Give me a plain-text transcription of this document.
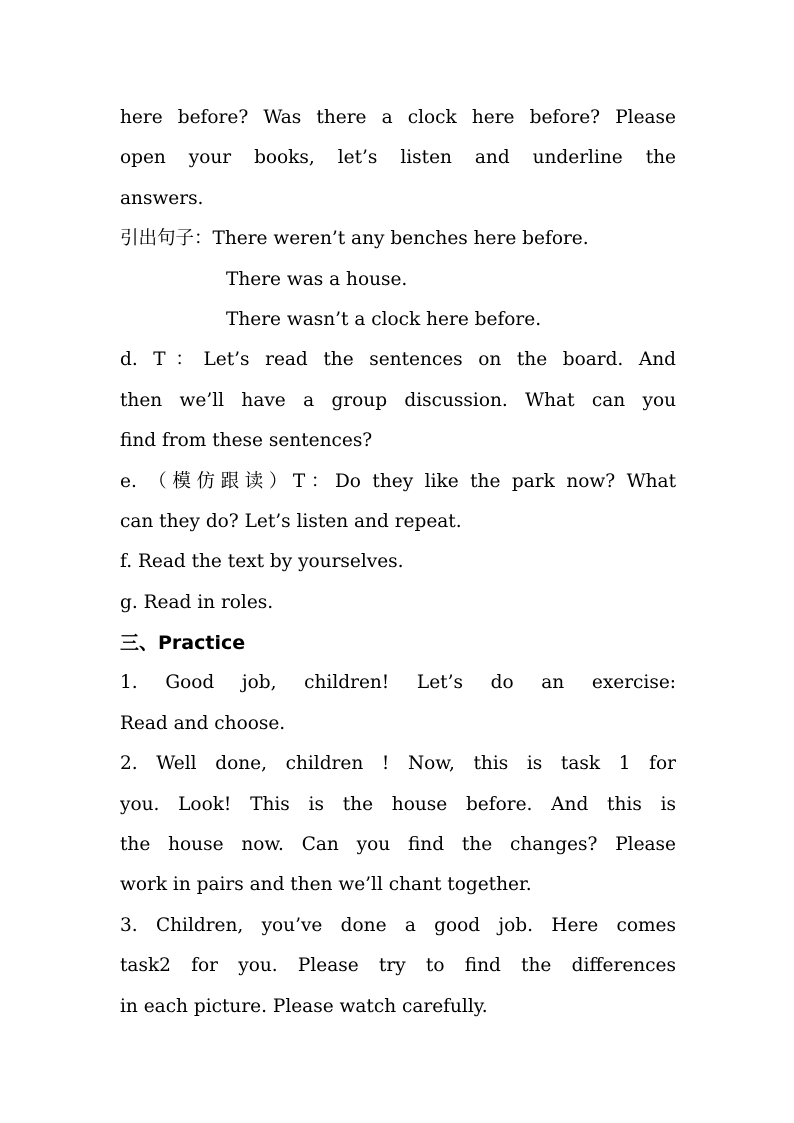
here before? Was there a clock here before? Please
open your books, let’s listen and underline the
answers.
引出句子：There weren’t any benches here before.
There was a house.
There wasn’t a clock here before.
d. T：Let’s read the sentences on the board. And
then we’ll have a group discussion. What can you
find from these sentences?
e. （模仿跟读）T：Do they like the park now? What
can they do? Let’s listen and repeat.
f. Read the text by yourselves.
g. Read in roles.
三、Practice
1. Good job, children! Let’s do an exercise:
Read and choose.
2. Well done, children ! Now, this is task 1 for
you. Look! This is the house before. And this is
the house now. Can you find the changes? Please
work in pairs and then we’ll chant together.
3. Children, you’ve done a good job. Here comes
task2 for you. Please try to find the differences
in each picture. Please watch carefully.
